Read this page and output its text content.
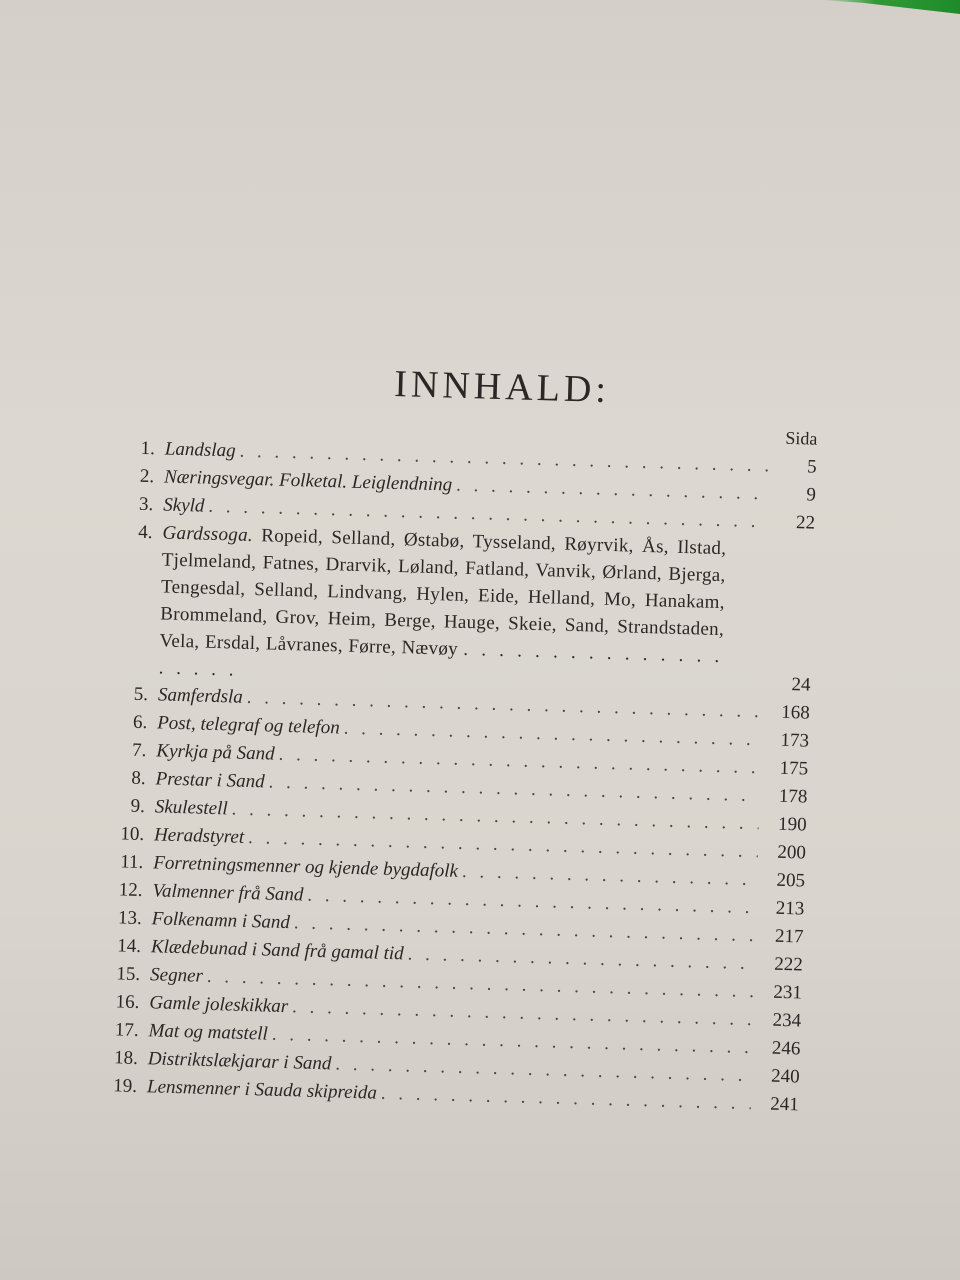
INNHALD:
Sida
1. Landslag
. . .
5
2. Næringsvegar. Folketal. Leiglendning . . .	9
3. Skyld
. . .
22
4. Gardssoga. Ropeid, Selland, Østabø, Tysseland, Røyrvik, Ås, Ilstad, Tjelmeland, Fatnes, Drarvik, Løland, Fatland, Vanvik, Ørland, Bjerga, Tengesdal, Selland, Lindvang, Hylen, Eide, Helland, Mo, Hanakam, Brommeland, Grov, Heim, Berge, Hauge, Skeie, Sand, Strandstaden, Vela, Ersdal, Låvranes, Førre, Nævøy . . . . . . . . . . . . . . . . . . . .
24
5. Samferdsla
. . .
168
6. Post, telegraf og telefon
. . .
173
7. Kyrkja på Sand
. . .
175
8. Prestar i Sand
. . .
178
9. Skulestell
. . .
190
10. Heradstyret
. . .
200
11. Forretningsmenner og kjende bygdafolk . . .	205
12. Valmenner frå Sand
. . .
213
13. Folkenamn i Sand
. . .
217
14. Klædebunad i Sand frå gamal tid
. . .
222
15. Segner
. . .
231
16. Gamle joleskikkar
. . .
234
17. Mat og matstell
. . .
246
18. Distriktslækjarar i Sand
. . .
240
19. Lensmenner i Sauda skipreida
. . .
241
